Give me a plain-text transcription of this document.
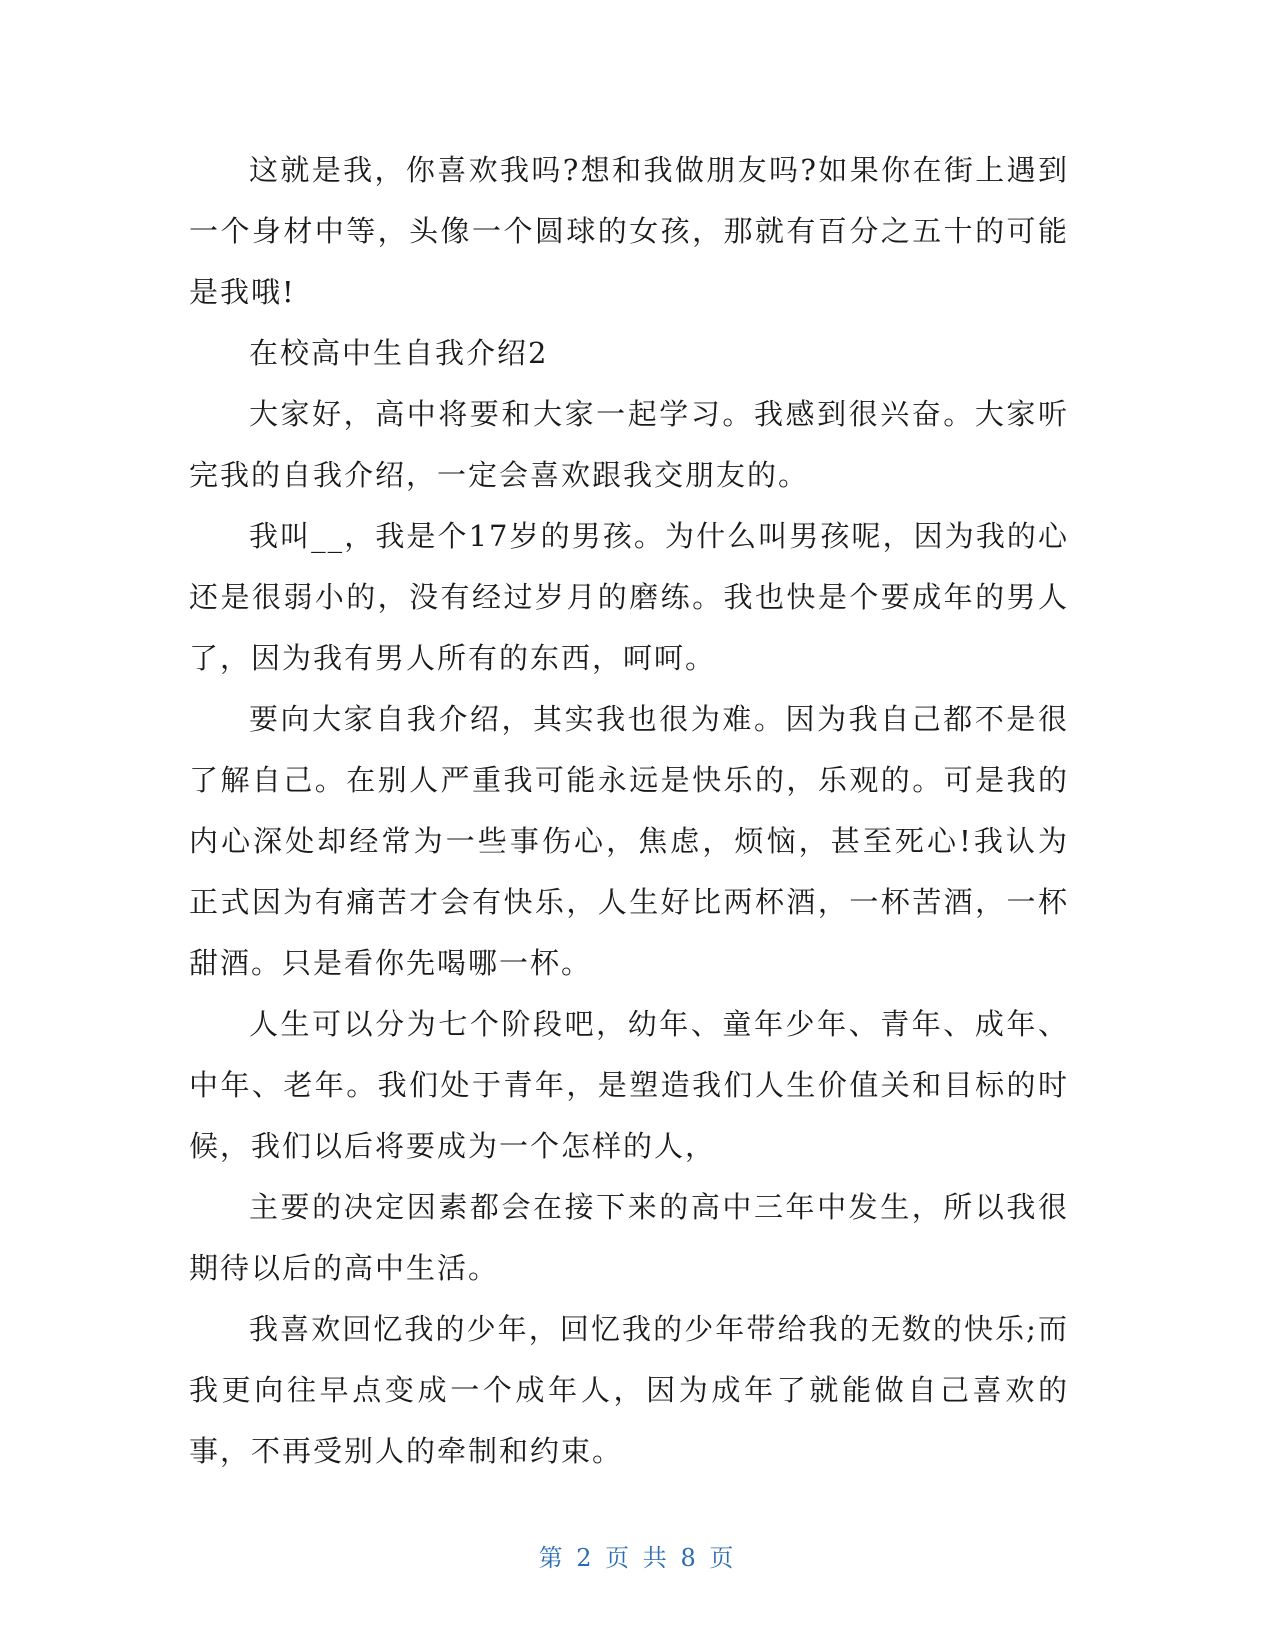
这就是我，你喜欢我吗?想和我做朋友吗?如果你在街上遇到一个身材中等，头像一个圆球的女孩，那就有百分之五十的可能是我哦!

在校高中生自我介绍2

大家好，高中将要和大家一起学习。我感到很兴奋。大家听完我的自我介绍，一定会喜欢跟我交朋友的。

我叫__，我是个17岁的男孩。为什么叫男孩呢，因为我的心还是很弱小的，没有经过岁月的磨练。我也快是个要成年的男人了，因为我有男人所有的东西，呵呵。

要向大家自我介绍，其实我也很为难。因为我自己都不是很了解自己。在别人严重我可能永远是快乐的，乐观的。可是我的内心深处却经常为一些事伤心，焦虑，烦恼，甚至死心!我认为正式因为有痛苦才会有快乐，人生好比两杯酒，一杯苦酒，一杯甜酒。只是看你先喝哪一杯。

人生可以分为七个阶段吧，幼年、童年少年、青年、成年、中年、老年。我们处于青年，是塑造我们人生价值关和目标的时候，我们以后将要成为一个怎样的人，

主要的决定因素都会在接下来的高中三年中发生，所以我很期待以后的高中生活。

我喜欢回忆我的少年，回忆我的少年带给我的无数的快乐;而我更向往早点变成一个成年人，因为成年了就能做自己喜欢的事，不再受别人的牵制和约束。

第 2 页 共 8 页
